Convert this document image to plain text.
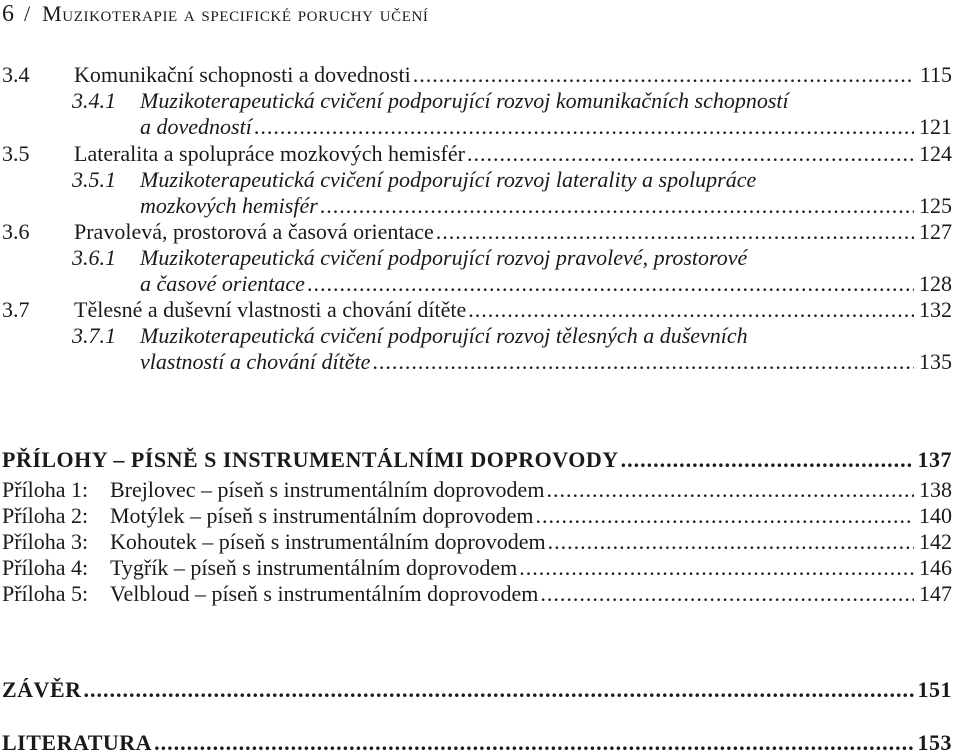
6 / Muzikoterapie a specifické poruchy učení
3.4	Komunikační schopnosti a dovednosti .....	115
3.4.1 Muzikoterapeutická cvičení podporující rozvoj komunikačních schopností
a dovedností .....	121
3.5	Lateralita a spolupráce mozkových hemisfér .....	124
3.5.1 Muzikoterapeutická cvičení podporující rozvoj laterality a spolupráce
mozkových hemisfér .....	125
3.6	Pravolevá, prostorová a časová orientace .....	127
3.6.1 Muzikoterapeutická cvičení podporující rozvoj pravolevé, prostorové
a časové orientace .....	128
3.7	Tělesné a duševní vlastnosti a chování dítěte .....	132
3.7.1 Muzikoterapeutická cvičení podporující rozvoj tělesných a duševních
vlastností a chování dítěte .....	135
PŘÍLOHY – PÍSNĚ S INSTRUMENTÁLNÍMI DOPROVODY .....	137
Příloha 1: Brejlovec – píseň s instrumentálním doprovodem .....	138
Příloha 2: Motýlek – píseň s instrumentálním doprovodem .....	140
Příloha 3: Kohoutek – píseň s instrumentálním doprovodem .....	142
Příloha 4: Tygřík – píseň s instrumentálním doprovodem .....	146
Příloha 5: Velbloud – píseň s instrumentálním doprovodem .....	147
ZÁVĚR .....	151
LITERATURA .....	153
